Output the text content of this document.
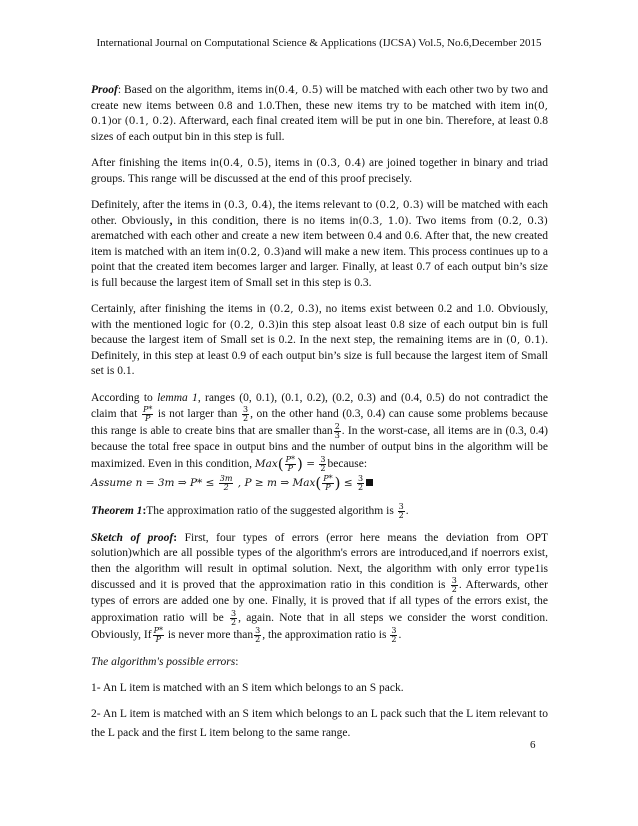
International Journal on Computational Science & Applications (IJCSA) Vol.5, No.6,December 2015

Proof: Based on the algorithm, items in(0.4, 0.5) will be matched with each other two by two and create new items between 0.8 and 1.0.Then, these new items try to be matched with item in(0, 0.1)or (0.1, 0.2). Afterward, each final created item will be put in one bin. Therefore, at least 0.8 sizes of each output bin in this step is full.

After finishing the items in(0.4, 0.5), items in (0.3, 0.4) are joined together in binary and triad groups. This range will be discussed at the end of this proof precisely.

Definitely, after the items in (0.3, 0.4), the items relevant to (0.2, 0.3) will be matched with each other. Obviously, in this condition, there is no items in(0.3, 1.0). Two items from (0.2, 0.3) arematched with each other and create a new item between 0.4 and 0.6. After that, the new created item is matched with an item in(0.2, 0.3)and will make a new item. This process continues up to a point that the created item becomes larger and larger. Finally, at least 0.7 of each output bin’s size is full because the largest item of Small set in this step is 0.3.

Certainly, after finishing the items in (0.2, 0.3), no items exist between 0.2 and 1.0. Obviously, with the mentioned logic for (0.2, 0.3)in this step alsoat least 0.8 size of each output bin is full because the largest item of Small set is 0.2. In the next step, the remaining items are in (0, 0.1). Definitely, in this step at least 0.9 of each output bin’s size is full because the largest item of Small set is 0.1.

According to lemma 1, ranges (0, 0.1), (0.1, 0.2), (0.2, 0.3) and (0.4, 0.5) do not contradict the claim that $\frac{P*}{P}$ is not larger than $\frac{3}{2}$ , on the other hand (0.3, 0.4) can cause some problems because this range is able to create bins that are smaller than $\frac{2}{3}$ . In the worst-case, all items are in (0.3, 0.4) because the total free space in output bins and the number of output bins in the algorithm will be maximized. Even in this condition, $Max( \frac{P*}{P}$ ) = $\frac{3}{2}$ because:

Assume n = 3m ⇒ $P* \le \frac{3m}{2}$ , P ≥ m ⇒ $Max( \frac{P*}{P}$ ) ≤ $\frac{3}{2}$

Theorem 1:The approximation ratio of the suggested algorithm is $\frac{3}{2}$ .

Sketch of proof: First, four types of errors (error here means the deviation from OPT solution)which are all possible types of the algorithm's errors are introduced,and if noerrors exist, then the algorithm will result in optimal solution. Next, the algorithm with only error type1is discussed and it is proved that the approximation ratio in this condition is $\frac{3}{2}$ . Afterwards, other types of errors are added one by one. Finally, it is proved that if all types of the errors exist, the approximation ratio will be $\frac{3}{2}$ , again. Note that in all steps we consider the worst condition. Obviously, If $\frac{P*}{P}$ is never more than $\frac{3}{2}$ , the approximation ratio is $\frac{3}{2}$ .

The algorithm's possible errors:

1- An L item is matched with an S item which belongs to an S pack.

2- An L item is matched with an S item which belongs to an L pack such that the L item relevant to the L pack and the first L item belong to the same range.

6
